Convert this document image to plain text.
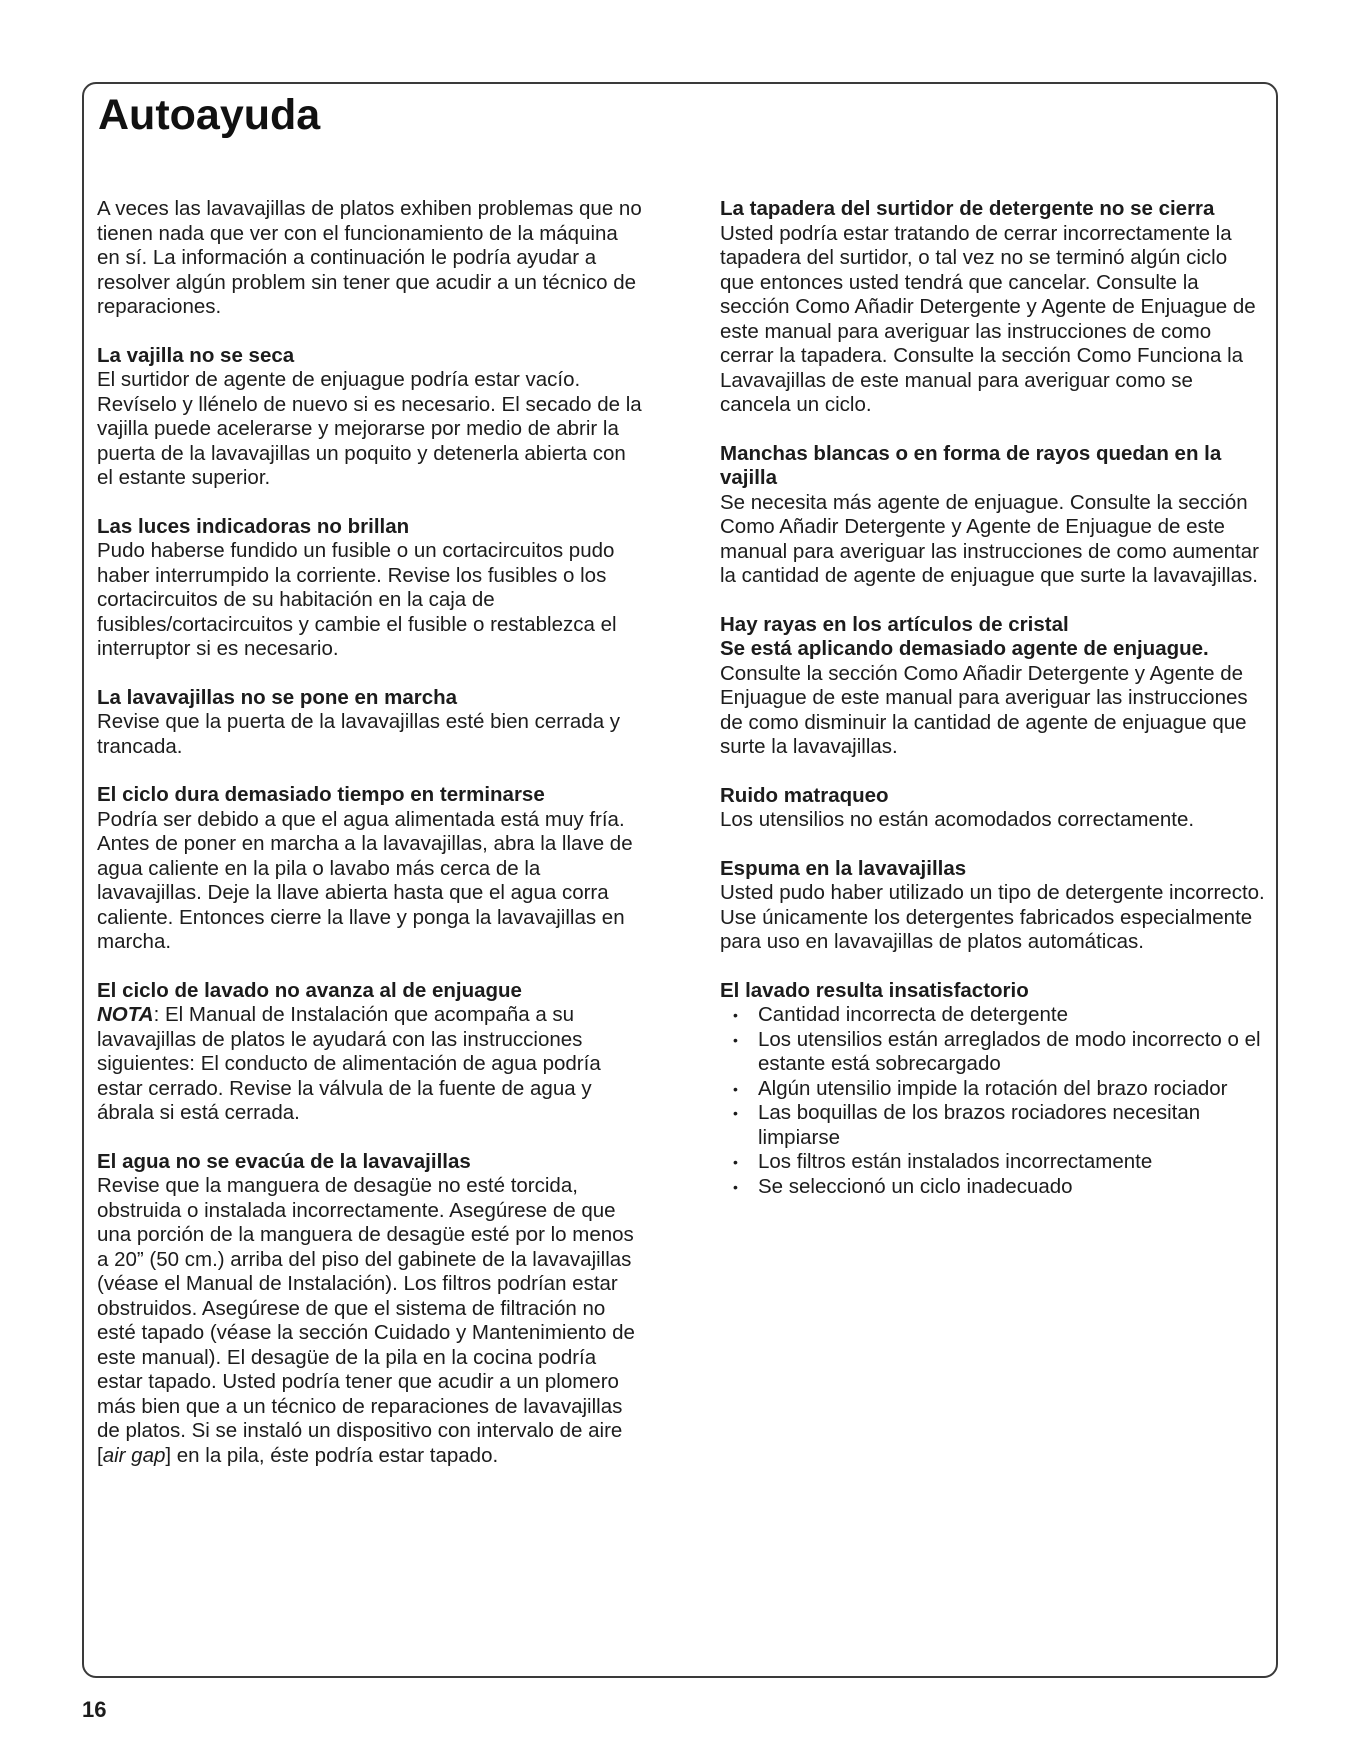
Autoayuda

A veces las lavavajillas de platos exhiben problemas que no tienen nada que ver con el funcionamiento de la máquina en sí. La información a continuación le podría ayudar a resolver algún problem sin tener que acudir a un técnico de reparaciones.

La vajilla no se seca

El surtidor de agente de enjuague podría estar vacío. Revíselo y llénelo de nuevo si es necesario. El secado de la vajilla puede acelerarse y mejorarse por medio de abrir la puerta de la lavavajillas un poquito y detenerla abierta con el estante superior.

Las luces indicadoras no brillan

Pudo haberse fundido un fusible o un cortacircuitos pudo haber interrumpido la corriente. Revise los fusibles o los cortacircuitos de su habitación en la caja de fusibles/cortacircuitos y cambie el fusible o restablezca el interruptor si es necesario.

La lavavajillas no se pone en marcha

Revise que la puerta de la lavavajillas esté bien cerrada y trancada.

El ciclo dura demasiado tiempo en terminarse

Podría ser debido a que el agua alimentada está muy fría. Antes de poner en marcha a la lavavajillas, abra la llave de agua caliente en la pila o lavabo más cerca de la lavavajillas. Deje la llave abierta hasta que el agua corra caliente. Entonces cierre la llave y ponga la lavavajillas en marcha.

El ciclo de lavado no avanza al de enjuague

NOTA: El Manual de Instalación que acompaña a su lavavajillas de platos le ayudará con las instrucciones siguientes: El conducto de alimentación de agua podría estar cerrado. Revise la válvula de la fuente de agua y ábrala si está cerrada.

El agua no se evacúa de la lavavajillas

Revise que la manguera de desagüe no esté torcida, obstruida o instalada incorrectamente. Asegúrese de que una porción de la manguera de desagüe esté por lo menos a 20” (50 cm.) arriba del piso del gabinete de la lavavajillas (véase el Manual de Instalación). Los filtros podrían estar obstruidos. Asegúrese de que el sistema de filtración no esté tapado (véase la sección Cuidado y Mantenimiento de este manual). El desagüe de la pila en la cocina podría estar tapado. Usted podría tener que acudir a un plomero más bien que a un técnico de reparaciones de lavavajillas de platos. Si se instaló un dispositivo con intervalo de aire [air gap] en la pila, éste podría estar tapado.

La tapadera del surtidor de detergente no se cierra

Usted podría estar tratando de cerrar incorrectamente la tapadera del surtidor, o tal vez no se terminó algún ciclo que entonces usted tendrá que cancelar. Consulte la sección Como Añadir Detergente y Agente de Enjuague de este manual para averiguar las instrucciones de como cerrar la tapadera. Consulte la sección Como Funciona la Lavavajillas de este manual para averiguar como se cancela un ciclo.

Manchas blancas o en forma de rayos quedan en la vajilla

Se necesita más agente de enjuague. Consulte la sección Como Añadir Detergente y Agente de Enjuague de este manual para averiguar las instrucciones de como aumentar la cantidad de agente de enjuague que surte la lavavajillas.

Hay rayas en los artículos de cristal

Se está aplicando demasiado agente de enjuague.

Consulte la sección Como Añadir Detergente y Agente de Enjuague de este manual para averiguar las instrucciones de como disminuir la cantidad de agente de enjuague que surte la lavavajillas.

Ruido matraqueo

Los utensilios no están acomodados correctamente.

Espuma en la lavavajillas

Usted pudo haber utilizado un tipo de detergente incorrecto. Use únicamente los detergentes fabricados especialmente para uso en lavavajillas de platos automáticas.

El lavado resulta insatisfactorio

• Cantidad incorrecta de detergente
• Los utensilios están arreglados de modo incorrecto o el estante está sobrecargado
• Algún utensilio impide la rotación del brazo rociador
• Las boquillas de los brazos rociadores necesitan limpiarse
• Los filtros están instalados incorrectamente
• Se seleccionó un ciclo inadecuado
16
